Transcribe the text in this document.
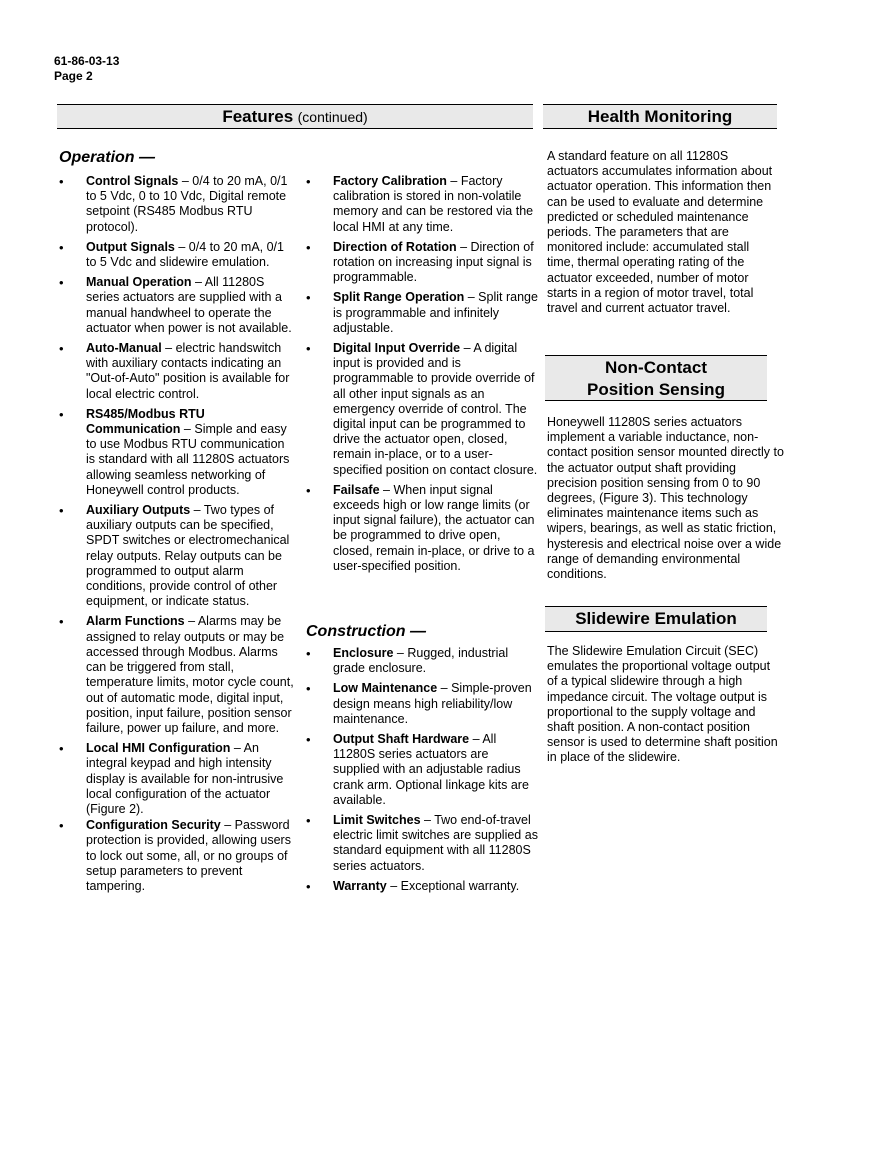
61-86-03-13
Page 2
Features (continued)	Health Monitoring
Operation —
• Control Signals – 0/4 to 20 mA, 0/1 to 5 Vdc, 0 to 10 Vdc, Digital remote setpoint (RS485 Modbus RTU protocol).
• Output Signals – 0/4 to 20 mA, 0/1 to 5 Vdc and slidewire emulation.
• Manual Operation – All 11280S series actuators are supplied with a manual handwheel to operate the actuator when power is not available.
• Auto-Manual – electric handswitch with auxiliary contacts indicating an "Out-of-Auto" position is available for local electric control.
• RS485/Modbus RTU Communication – Simple and easy to use Modbus RTU communication is standard with all 11280S actuators allowing seamless networking of Honeywell control products.
• Auxiliary Outputs – Two types of auxiliary outputs can be specified, SPDT switches or electromechanical relay outputs. Relay outputs can be programmed to output alarm conditions, provide control of other equipment, or indicate status.
• Alarm Functions – Alarms may be assigned to relay outputs or may be accessed through Modbus. Alarms can be triggered from stall, temperature limits, motor cycle count, out of automatic mode, digital input, position, input failure, position sensor failure, power up failure, and more.
• Local HMI Configuration – An integral keypad and high intensity display is available for non-intrusive local configuration of the actuator (Figure 2).
• Configuration Security – Password protection is provided, allowing users to lock out some, all, or no groups of setup parameters to prevent tampering.
• Factory Calibration – Factory calibration is stored in non-volatile memory and can be restored via the local HMI at any time.
• Direction of Rotation – Direction of rotation on increasing input signal is programmable.
• Split Range Operation – Split range is programmable and infinitely adjustable.
• Digital Input Override – A digital input is provided and is programmable to provide override of all other input signals as an emergency override of control. The digital input can be programmed to drive the actuator open, closed, remain in-place, or to a user-specified position on contact closure.
• Failsafe – When input signal exceeds high or low range limits (or input signal failure), the actuator can be programmed to drive open, closed, remain in-place, or drive to a user-specified position.
Construction —
• Enclosure – Rugged, industrial grade enclosure.
• Low Maintenance – Simple-proven design means high reliability/low maintenance.
• Output Shaft Hardware – All 11280S series actuators are supplied with an adjustable radius crank arm. Optional linkage kits are available.
• Limit Switches – Two end-of-travel electric limit switches are supplied as standard equipment with all 11280S series actuators.
• Warranty – Exceptional warranty.
A standard feature on all 11280S actuators accumulates information about actuator operation. This information then can be used to evaluate and determine predicted or scheduled maintenance periods. The parameters that are monitored include: accumulated stall time, thermal operating rating of the actuator exceeded, number of motor starts in a region of motor travel, total travel and current actuator travel.
Non-Contact
Position Sensing
Honeywell 11280S series actuators implement a variable inductance, non-contact position sensor mounted directly to the actuator output shaft providing precision position sensing from 0 to 90 degrees, (Figure 3). This technology eliminates maintenance items such as wipers, bearings, as well as static friction, hysteresis and electrical noise over a wide range of demanding environmental conditions.
Slidewire Emulation
The Slidewire Emulation Circuit (SEC) emulates the proportional voltage output of a typical slidewire through a high impedance circuit. The voltage output is proportional to the supply voltage and shaft position. A non-contact position sensor is used to determine shaft position in place of the slidewire.
